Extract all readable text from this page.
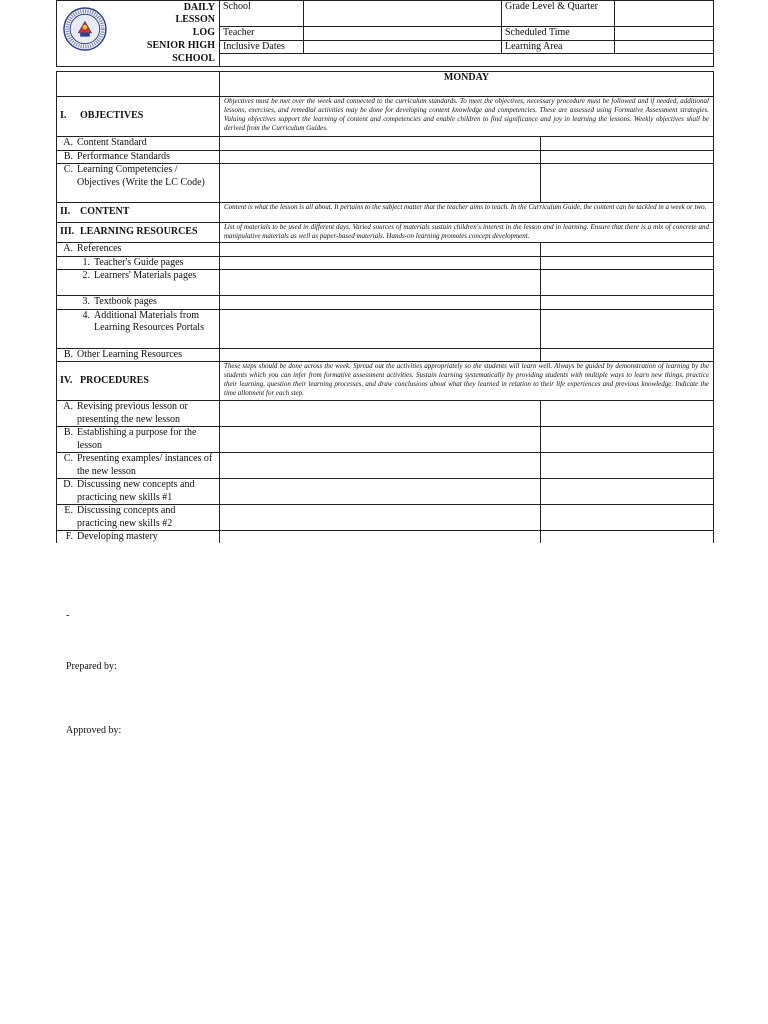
DAILY
LESSON
LOG
SENIOR HIGH SCHOOL	School		Grade Level & Quarter	
	Teacher		Scheduled Time	
	Inclusive Dates		Learning Area	

	MONDAY	
I. OBJECTIVES	Objectives must be met over the week and connected to the curriculum standards. To meet the objectives, necessary procedure must be followed and if needed, additional lessons, exercises, and remedial activities may be done for developing content knowledge and competencies. These are assessed using Formative Assessment strategies. Valuing objectives support the learning of content and competencies and enable children to find significance and joy in learning the lessons. Weekly objectives shall be derived from the Curriculum Guides.	

A. Content Standard		

B. Performance Standards		

C. Learning Competencies / Objectives (Write the LC Code)		

II. CONTENT	Content is what the lesson is all about. It pertains to the subject matter that the teacher aims to teach. In the Curriculum Guide, the content can be tackled in a week or two.	
III. LEARNING RESOURCES	List of materials to be used in different days. Varied sources of materials sustain children's interest in the lesson and in learning. Ensure that there is a mix of concrete and manipulative materials as well as paper-based materials. Hands-on learning promotes concept development.	

A. References		

1. Teacher's Guide pages		

2. Learners' Materials pages		

3. Textbook pages		

4. Additional Materials from Learning Resources Portals		

B. Other Learning Resources		

IV. PROCEDURES	These steps should be done across the week. Spread out the activities appropriately so the students will learn well. Always be guided by demonstration of learning by the students which you can infer from formative assessment activities. Sustain learning systematically by providing students with multiple ways to learn new things, practice their learning, question their learning processes, and draw conclusions about what they learned in relation to their life experiences and previous knowledge. Indicate the time allotment for each step.	

A. Revising previous lesson or presenting the new lesson		

B. Establishing a purpose for the lesson		

C. Presenting examples/ instances of the new lesson		

D. Discussing new concepts and practicing new skills #1		

E. Discussing concepts and practicing new skills #2		

F. Developing mastery		

-
Prepared by:
Approved by:
